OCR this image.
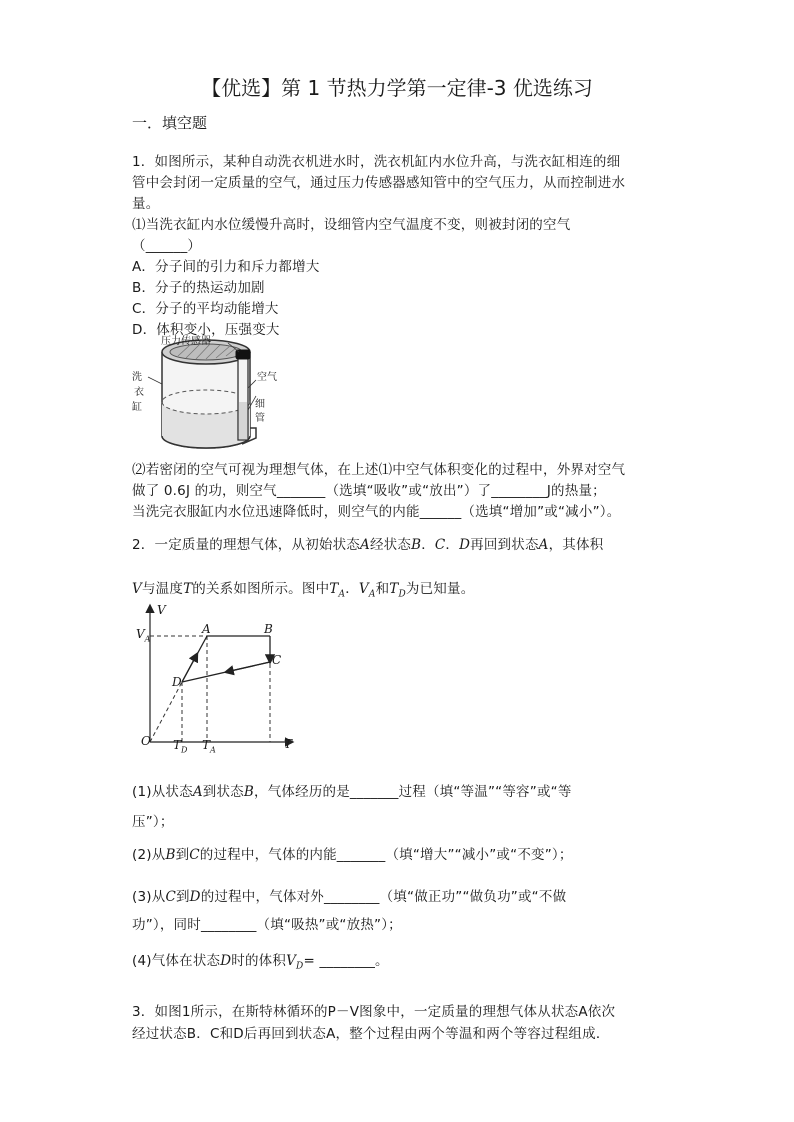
【优选】第 1 节热力学第一定律-3 优选练习
一．填空题
1．如图所示，某种自动洗衣机进水时，洗衣机缸内水位升高，与洗衣缸相连的细
管中会封闭一定质量的空气，通过压力传感器感知管中的空气压力，从而控制进水
量。
⑴当洗衣缸内水位缓慢升高时，设细管内空气温度不变，则被封闭的空气
（______）
A．分子间的引力和斥力都增大
B．分子的热运动加剧
C．分子的平均动能增大
D．体积变小，压强变大
压力传感器
洗
衣
缸
空气
细
管
⑵若密闭的空气可视为理想气体，在上述⑴中空气体积变化的过程中，外界对空气
做了 0.6J 的功，则空气_______（选填“吸收”或“放出”）了________J的热量；
当洗完衣服缸内水位迅速降低时，则空气的内能______（选填“增加”或“减小”）。
2．一定质量的理想气体，从初始状态A经状态B．C．D再回到状态A，其体积
V与温度T的关系如图所示。图中$T_A$．$V_A$和$T_D$为已知量。
V
T
O
$V_A$
$T_D$ $T_A$
A	B
C
D
(1)从状态A到状态B，气体经历的是_______过程（填“等温”“等容”或“等
压”）；
(2)从B到C的过程中，气体的内能_______（填“增大”“减小”或“不变”）；
(3)从C到D的过程中，气体对外________（填“做正功”“做负功”或“不做
功”），同时________（填“吸热”或“放热”）；
(4)气体在状态D时的体积$V_D=$ ________。
3．如图1所示，在斯特林循环的P－V图象中，一定质量的理想气体从状态A依次
经过状态B．C和D后再回到状态A，整个过程由两个等温和两个等容过程组成．
